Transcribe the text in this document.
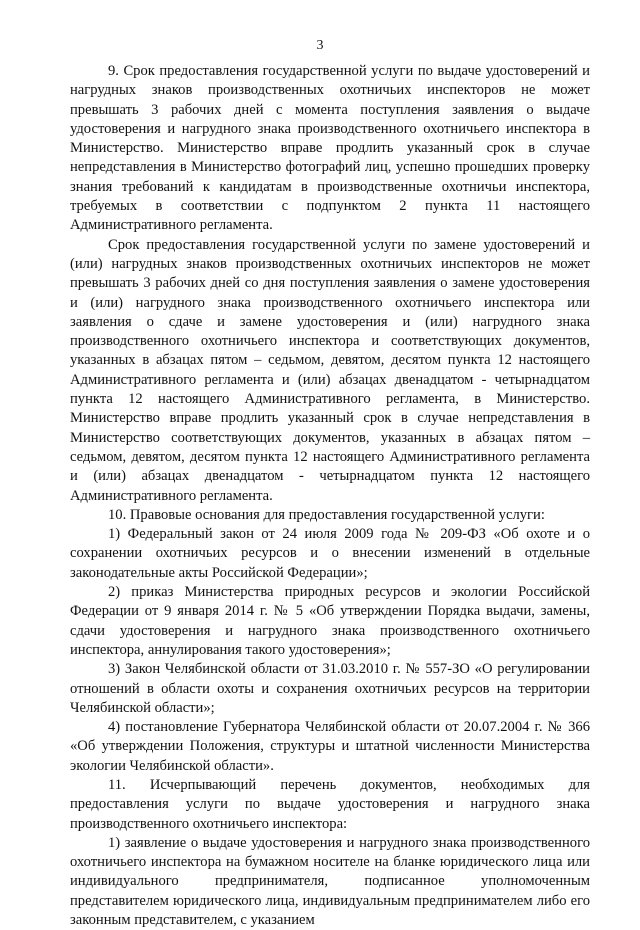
3

9. Срок предоставления государственной услуги по выдаче удостоверений и нагрудных знаков производственных охотничьих инспекторов не может превышать 3 рабочих дней с момента поступления заявления о выдаче удостоверения и нагрудного знака производственного охотничьего инспектора в Министерство. Министерство вправе продлить указанный срок в случае непредставления в Министерство фотографий лиц, успешно прошедших проверку знания требований к кандидатам в производственные охотничьи инспектора, требуемых в соответствии с подпунктом 2 пункта 11 настоящего Административного регламента.

Срок предоставления государственной услуги по замене удостоверений и (или) нагрудных знаков производственных охотничьих инспекторов не может превышать 3 рабочих дней со дня поступления заявления о замене удостоверения и (или) нагрудного знака производственного охотничьего инспектора или заявления о сдаче и замене удостоверения и (или) нагрудного знака производственного охотничьего инспектора и соответствующих документов, указанных в абзацах пятом – седьмом, девятом, десятом пункта 12 настоящего Административного регламента и (или) абзацах двенадцатом - четырнадцатом пункта 12 настоящего Административного регламента, в Министерство. Министерство вправе продлить указанный срок в случае непредставления в Министерство соответствующих документов, указанных в абзацах пятом – седьмом, девятом, десятом пункта 12 настоящего Административного регламента и (или) абзацах двенадцатом - четырнадцатом пункта 12 настоящего Административного регламента.

10. Правовые основания для предоставления государственной услуги:

1) Федеральный закон от 24 июля 2009 года № 209-ФЗ «Об охоте и о сохранении охотничьих ресурсов и о внесении изменений в отдельные законодательные акты Российской Федерации»;

2) приказ Министерства природных ресурсов и экологии Российской Федерации от 9 января 2014 г. № 5 «Об утверждении Порядка выдачи, замены, сдачи удостоверения и нагрудного знака производственного охотничьего инспектора, аннулирования такого удостоверения»;

3) Закон Челябинской области от 31.03.2010 г. № 557-ЗО «О регулировании отношений в области охоты и сохранения охотничьих ресурсов на территории Челябинской области»;

4) постановление Губернатора Челябинской области от 20.07.2004 г. № 366 «Об утверждении Положения, структуры и штатной численности Министерства экологии Челябинской области».

11. Исчерпывающий перечень документов, необходимых для предоставления услуги по выдаче удостоверения и нагрудного знака производственного охотничьего инспектора:

1) заявление о выдаче удостоверения и нагрудного знака производственного охотничьего инспектора на бумажном носителе на бланке юридического лица или индивидуального предпринимателя, подписанное уполномоченным представителем юридического лица, индивидуальным предпринимателем либо его законным представителем, с указанием
